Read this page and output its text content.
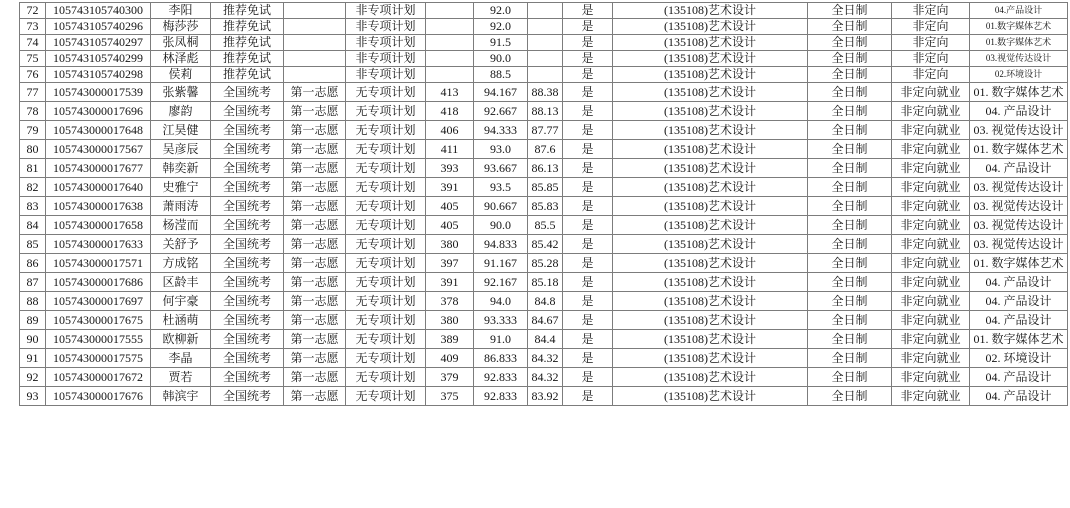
72	105743105740300	李阳	推荐免试		非专项计划		92.0		是	(135108)艺术设计	全日制	非定向	04.产品设计
73	105743105740296	梅莎莎	推荐免试		非专项计划		92.0		是	(135108)艺术设计	全日制	非定向	01.数字媒体艺术
74	105743105740297	张凤桐	推荐免试		非专项计划		91.5		是	(135108)艺术设计	全日制	非定向	01.数字媒体艺术
75	105743105740299	林泽彪	推荐免试		非专项计划		90.0		是	(135108)艺术设计	全日制	非定向	03.视觉传达设计
76	105743105740298	侯莉	推荐免试		非专项计划		88.5		是	(135108)艺术设计	全日制	非定向	02.环境设计
77	105743000017539	张紫馨	全国统考	第一志愿	无专项计划	413	94.167	88.38	是	(135108)艺术设计	全日制	非定向就业	01. 数字媒体艺术
78	105743000017696	廖韵	全国统考	第一志愿	无专项计划	418	92.667	88.13	是	(135108)艺术设计	全日制	非定向就业	04. 产品设计
79	105743000017648	江昊健	全国统考	第一志愿	无专项计划	406	94.333	87.77	是	(135108)艺术设计	全日制	非定向就业	03. 视觉传达设计
80	105743000017567	吴彦辰	全国统考	第一志愿	无专项计划	411	93.0	87.6	是	(135108)艺术设计	全日制	非定向就业	01. 数字媒体艺术
81	105743000017677	韩奕新	全国统考	第一志愿	无专项计划	393	93.667	86.13	是	(135108)艺术设计	全日制	非定向就业	04. 产品设计
82	105743000017640	史雅宁	全国统考	第一志愿	无专项计划	391	93.5	85.85	是	(135108)艺术设计	全日制	非定向就业	03. 视觉传达设计
83	105743000017638	萧雨涛	全国统考	第一志愿	无专项计划	405	90.667	85.83	是	(135108)艺术设计	全日制	非定向就业	03. 视觉传达设计
84	105743000017658	杨滢而	全国统考	第一志愿	无专项计划	405	90.0	85.5	是	(135108)艺术设计	全日制	非定向就业	03. 视觉传达设计
85	105743000017633	关舒予	全国统考	第一志愿	无专项计划	380	94.833	85.42	是	(135108)艺术设计	全日制	非定向就业	03. 视觉传达设计
86	105743000017571	方成铭	全国统考	第一志愿	无专项计划	397	91.167	85.28	是	(135108)艺术设计	全日制	非定向就业	01. 数字媒体艺术
87	105743000017686	区龄丰	全国统考	第一志愿	无专项计划	391	92.167	85.18	是	(135108)艺术设计	全日制	非定向就业	04. 产品设计
88	105743000017697	何宇豪	全国统考	第一志愿	无专项计划	378	94.0	84.8	是	(135108)艺术设计	全日制	非定向就业	04. 产品设计
89	105743000017675	杜涵萌	全国统考	第一志愿	无专项计划	380	93.333	84.67	是	(135108)艺术设计	全日制	非定向就业	04. 产品设计
90	105743000017555	欧柳新	全国统考	第一志愿	无专项计划	389	91.0	84.4	是	(135108)艺术设计	全日制	非定向就业	01. 数字媒体艺术
91	105743000017575	李晶	全国统考	第一志愿	无专项计划	409	86.833	84.32	是	(135108)艺术设计	全日制	非定向就业	02. 环境设计
92	105743000017672	贾若	全国统考	第一志愿	无专项计划	379	92.833	84.32	是	(135108)艺术设计	全日制	非定向就业	04. 产品设计
93	105743000017676	韩滨宇	全国统考	第一志愿	无专项计划	375	92.833	83.92	是	(135108)艺术设计	全日制	非定向就业	04. 产品设计
